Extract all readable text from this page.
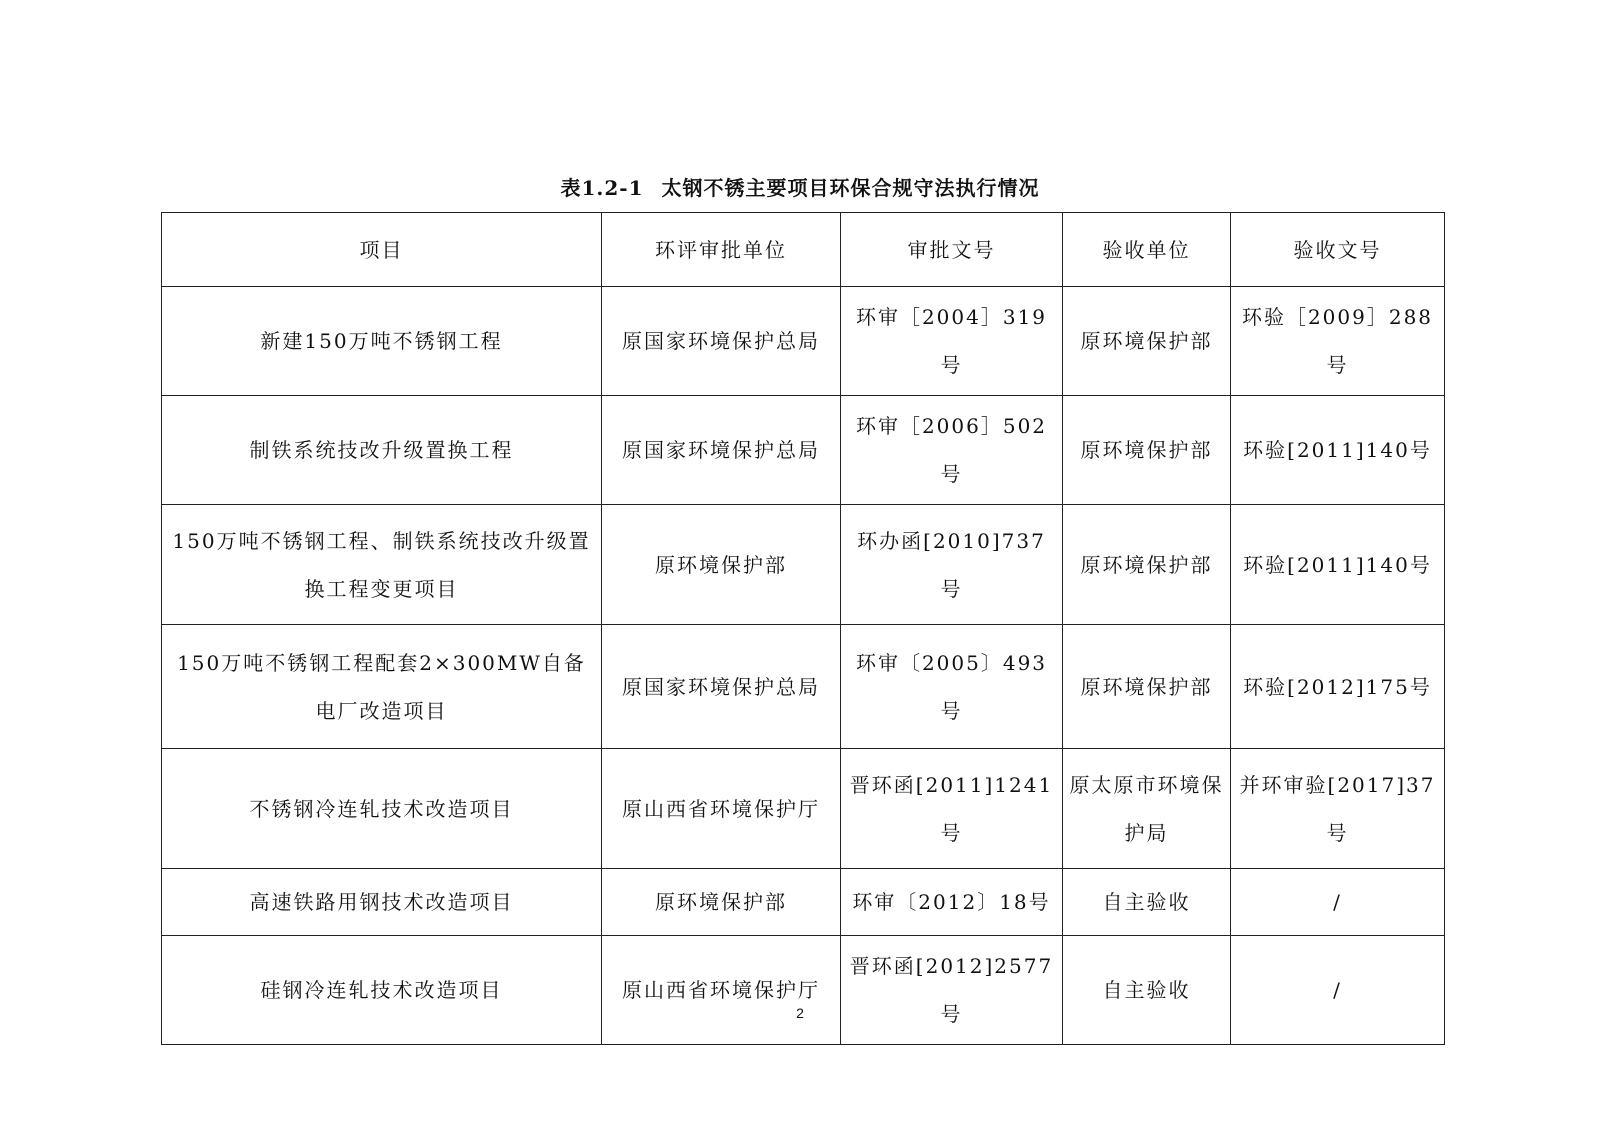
表1.2-1 太钢不锈主要项目环保合规守法执行情况
项目	环评审批单位	审批文号	验收单位	验收文号
新建150万吨不锈钢工程	原国家环境保护总局	环审［2004］319号	原环境保护部	环验［2009］288号
制铁系统技改升级置换工程	原国家环境保护总局	环审［2006］502号	原环境保护部	环验[2011]140号
150万吨不锈钢工程、制铁系统技改升级置换工程变更项目	原环境保护部	环办函[2010]737号	原环境保护部	环验[2011]140号
150万吨不锈钢工程配套2×300MW自备电厂改造项目	原国家环境保护总局	环审〔2005〕493号	原环境保护部	环验[2012]175号
不锈钢冷连轧技术改造项目	原山西省环境保护厅	晋环函[2011]1241号	原太原市环境保护局	并环审验[2017]37号
高速铁路用钢技术改造项目	原环境保护部	环审〔2012〕18号	自主验收	/
硅钢冷连轧技术改造项目	原山西省环境保护厅	晋环函[2012]2577号	自主验收	/
2
